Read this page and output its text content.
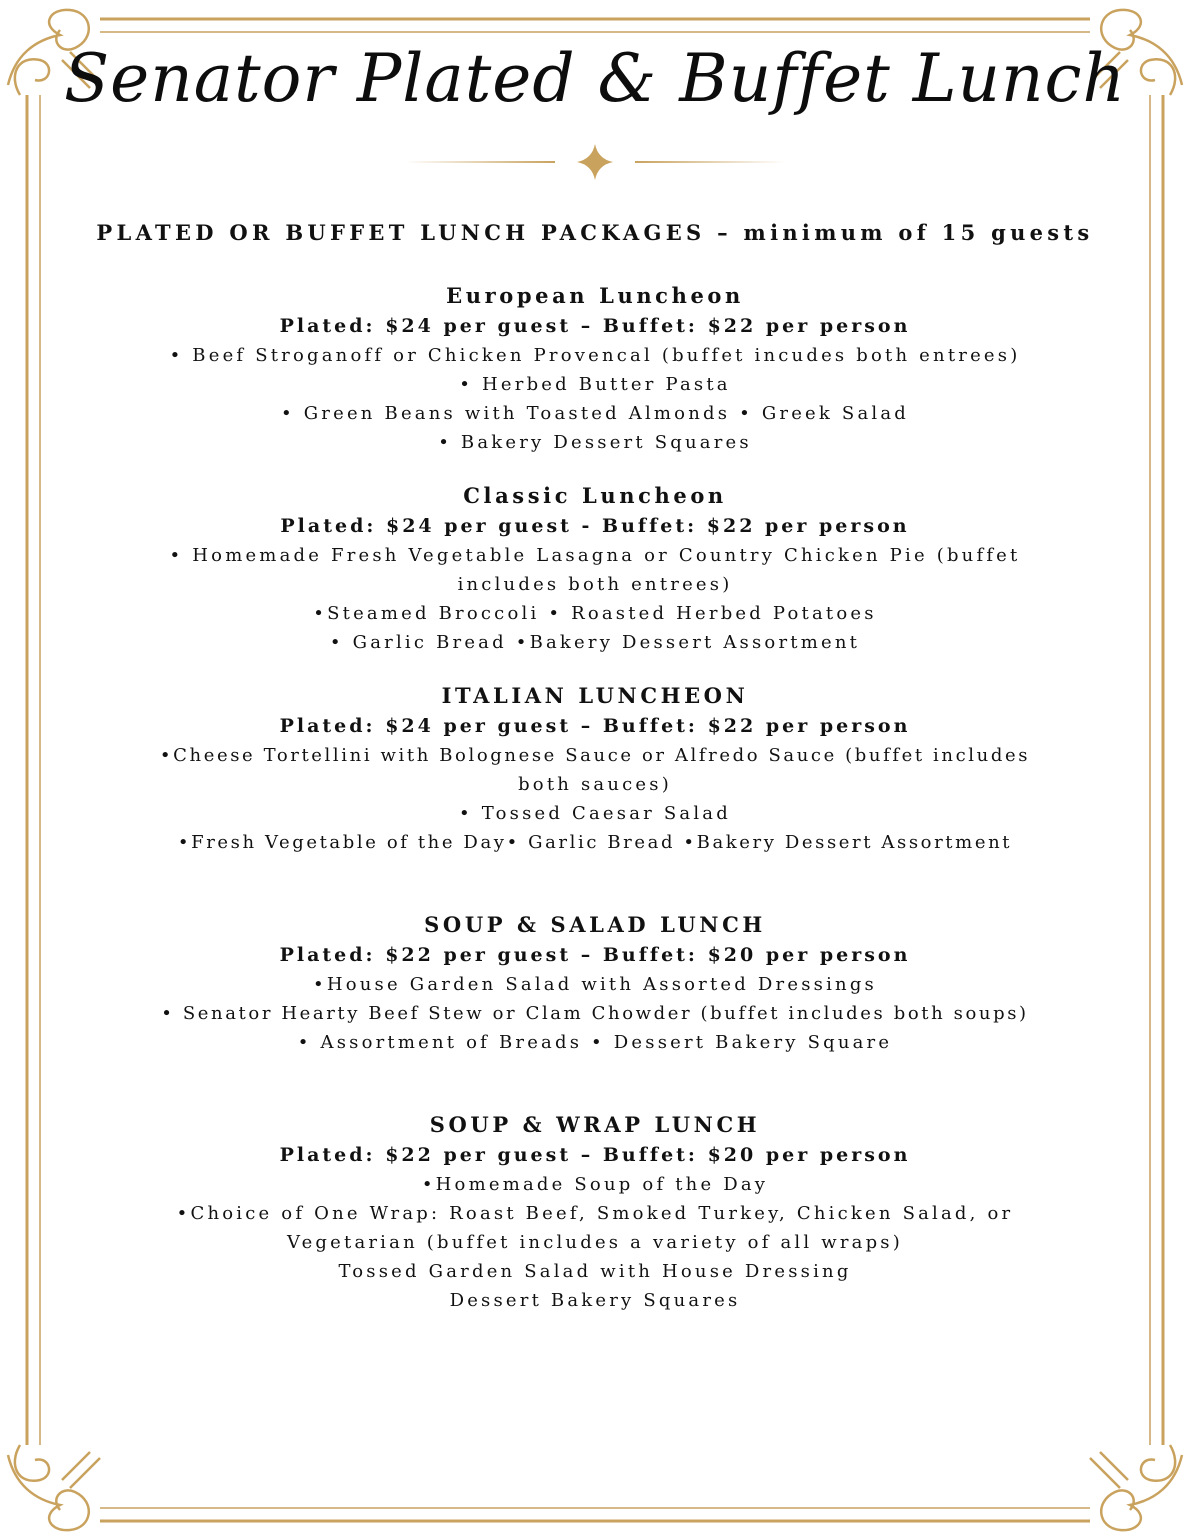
Senator Plated & Buffet Lunch
PLATED OR BUFFET LUNCH PACKAGES – minimum of 15 guests
European Luncheon
Plated: $24 per guest – Buffet: $22 per person
• Beef Stroganoff or Chicken Provencal (buffet incudes both entrees)
• Herbed Butter Pasta
• Green Beans with Toasted Almonds • Greek Salad
• Bakery Dessert Squares
Classic Luncheon
Plated: $24 per guest - Buffet: $22 per person
• Homemade Fresh Vegetable Lasagna or Country Chicken Pie (buffet
includes both entrees)
•Steamed Broccoli • Roasted Herbed Potatoes
• Garlic Bread •Bakery Dessert Assortment
ITALIAN LUNCHEON
Plated: $24 per guest – Buffet: $22 per person
•Cheese Tortellini with Bolognese Sauce or Alfredo Sauce (buffet includes
both sauces)
• Tossed Caesar Salad
•Fresh Vegetable of the Day• Garlic Bread •Bakery Dessert Assortment
SOUP & SALAD LUNCH
Plated: $22 per guest – Buffet: $20 per person
•House Garden Salad with Assorted Dressings
• Senator Hearty Beef Stew or Clam Chowder (buffet includes both soups)
• Assortment of Breads • Dessert Bakery Square
SOUP & WRAP LUNCH
Plated: $22 per guest – Buffet: $20 per person
•Homemade Soup of the Day
•Choice of One Wrap: Roast Beef, Smoked Turkey, Chicken Salad, or
Vegetarian (buffet includes a variety of all wraps)
Tossed Garden Salad with House Dressing
Dessert Bakery Squares
